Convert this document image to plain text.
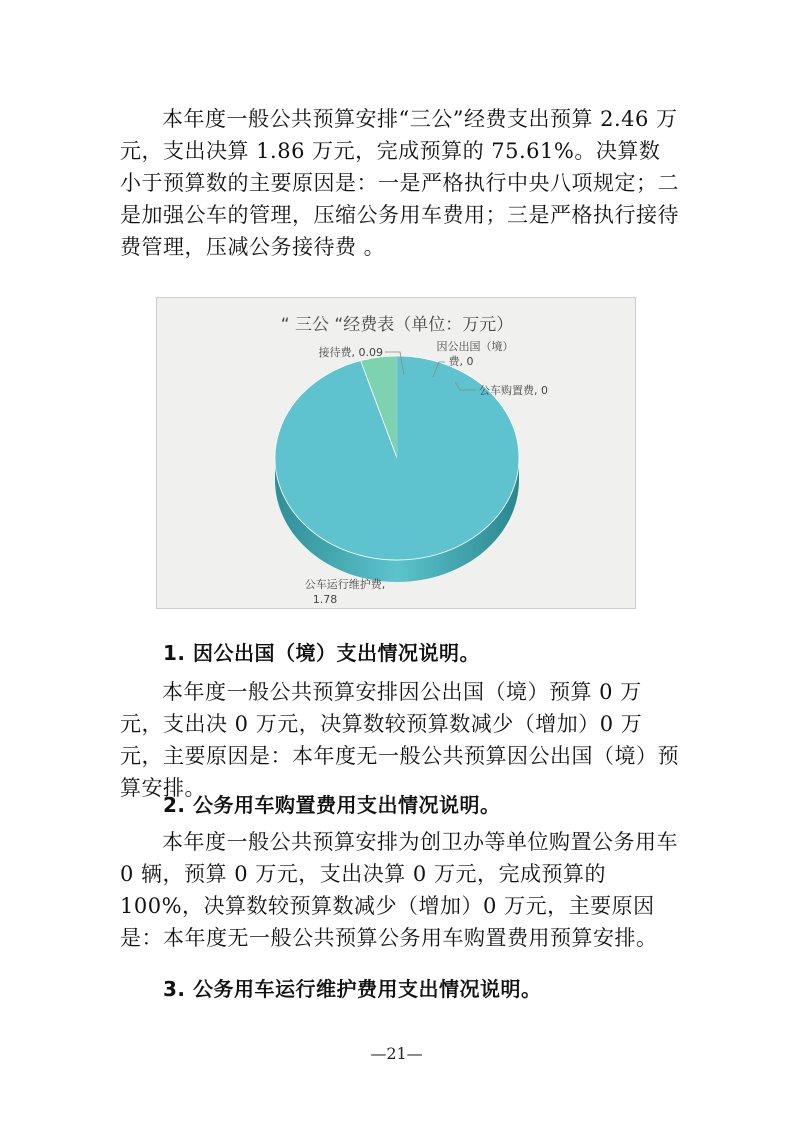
本年度一般公共预算安排“三公”经费支出预算 2.46 万元，支出决算 1.86 万元，完成预算的 75.61%。决算数小于预算数的主要原因是：一是严格执行中央八项规定；二是加强公车的管理，压缩公务用车费用；三是严格执行接待费管理，压减公务接待费 。

“ 三公 “经费表（单位：万元）
接待费, 0.09	因公出国（境）
费, 0
公车购置费, 0
公车运行维护费,
1.78

1. 因公出国（境）支出情况说明。

本年度一般公共预算安排因公出国（境）预算 0 万元，支出决 0 万元，决算数较预算数减少（增加）0 万元，主要原因是：本年度无一般公共预算因公出国（境）预算安排。

2. 公务用车购置费用支出情况说明。

本年度一般公共预算安排为创卫办等单位购置公务用车 0 辆，预算 0 万元，支出决算 0 万元，完成预算的 100%，决算数较预算数减少（增加）0 万元，主要原因是：本年度无一般公共预算公务用车购置费用预算安排。

3. 公务用车运行维护费用支出情况说明。

—21—
